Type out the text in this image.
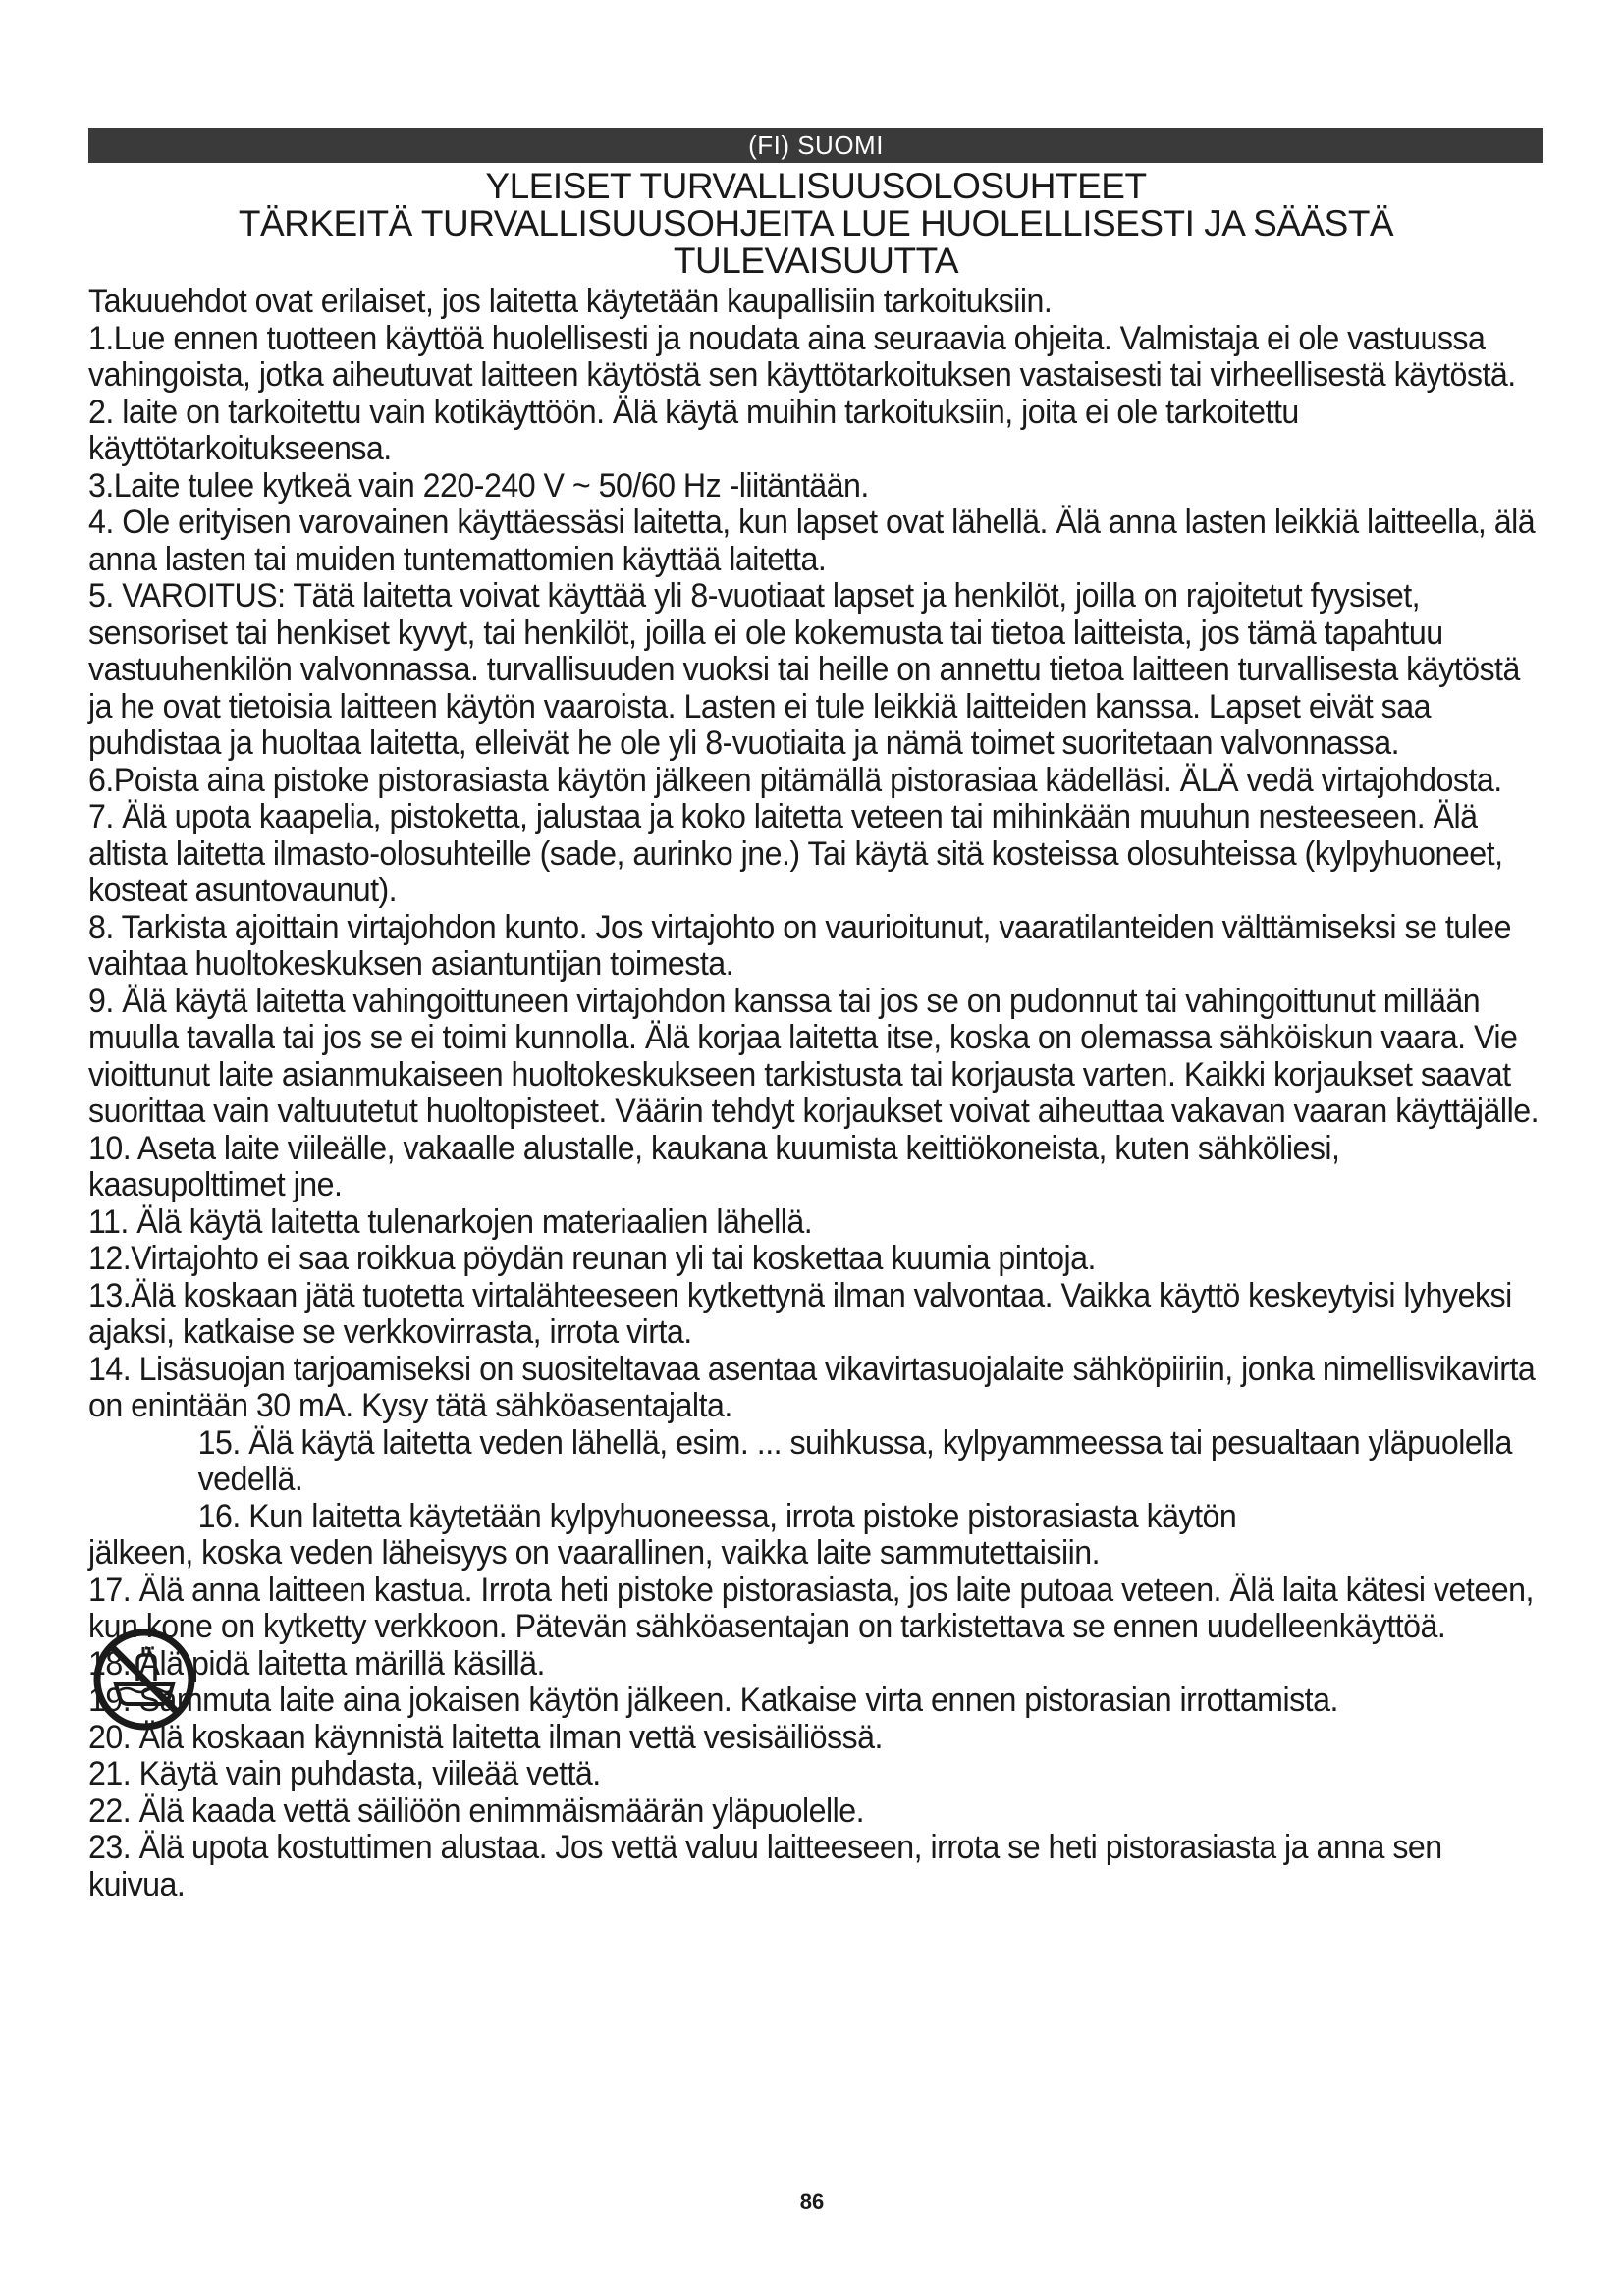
(FI) SUOMI
YLEISET TURVALLISUUSOLOSUHTEET
TÄRKEITÄ TURVALLISUUSOHJEITA LUE HUOLELLISESTI JA SÄÄSTÄ
TULEVAISUUTTA

Takuuehdot ovat erilaiset, jos laitetta käytetään kaupallisiin tarkoituksiin.

1.Lue ennen tuotteen käyttöä huolellisesti ja noudata aina seuraavia ohjeita. Valmistaja ei ole vastuussa vahingoista, jotka aiheutuvat laitteen käytöstä sen käyttötarkoituksen vastaisesti tai virheellisestä käytöstä.

2. laite on tarkoitettu vain kotikäyttöön. Älä käytä muihin tarkoituksiin, joita ei ole tarkoitettu käyttötarkoitukseensa.

3.Laite tulee kytkeä vain 220-240 V ~ 50/60 Hz -liitäntään.

4. Ole erityisen varovainen käyttäessäsi laitetta, kun lapset ovat lähellä. Älä anna lasten leikkiä laitteella, älä anna lasten tai muiden tuntemattomien käyttää laitetta.

5. VAROITUS: Tätä laitetta voivat käyttää yli 8-vuotiaat lapset ja henkilöt, joilla on rajoitetut fyysiset, sensoriset tai henkiset kyvyt, tai henkilöt, joilla ei ole kokemusta tai tietoa laitteista, jos tämä tapahtuu vastuuhenkilön valvonnassa. turvallisuuden vuoksi tai heille on annettu tietoa laitteen turvallisesta käytöstä ja he ovat tietoisia laitteen käytön vaaroista. Lasten ei tule leikkiä laitteiden kanssa. Lapset eivät saa puhdistaa ja huoltaa laitetta, elleivät he ole yli 8-vuotiaita ja nämä toimet suoritetaan valvonnassa.

6.Poista aina pistoke pistorasiasta käytön jälkeen pitämällä pistorasiaa kädelläsi. ÄLÄ vedä virtajohdosta.

7. Älä upota kaapelia, pistoketta, jalustaa ja koko laitetta veteen tai mihinkään muuhun nesteeseen. Älä altista laitetta ilmasto-olosuhteille (sade, aurinko jne.) Tai käytä sitä kosteissa olosuhteissa (kylpyhuoneet, kosteat asuntovaunut).

8. Tarkista ajoittain virtajohdon kunto. Jos virtajohto on vaurioitunut, vaaratilanteiden välttämiseksi se tulee vaihtaa huoltokeskuksen asiantuntijan toimesta.

9. Älä käytä laitetta vahingoittuneen virtajohdon kanssa tai jos se on pudonnut tai vahingoittunut millään muulla tavalla tai jos se ei toimi kunnolla. Älä korjaa laitetta itse, koska on olemassa sähköiskun vaara. Vie vioittunut laite asianmukaiseen huoltokeskukseen tarkistusta tai korjausta varten. Kaikki korjaukset saavat suorittaa vain valtuutetut huoltopisteet. Väärin tehdyt korjaukset voivat aiheuttaa vakavan vaaran käyttäjälle.

10. Aseta laite viileälle, vakaalle alustalle, kaukana kuumista keittiökoneista, kuten sähköliesi, kaasupolttimet jne.

11. Älä käytä laitetta tulenarkojen materiaalien lähellä.

12.Virtajohto ei saa roikkua pöydän reunan yli tai koskettaa kuumia pintoja.

13.Älä koskaan jätä tuotetta virtalähteeseen kytkettynä ilman valvontaa. Vaikka käyttö keskeytyisi lyhyeksi ajaksi, katkaise se verkkovirrasta, irrota virta.

14. Lisäsuojan tarjoamiseksi on suositeltavaa asentaa vikavirtasuojalaite sähköpiiriin, jonka nimellisvikavirta on enintään 30 mA. Kysy tätä sähköasentajalta.

15. Älä käytä laitetta veden lähellä, esim. ... suihkussa, kylpyammeessa tai pesualtaan yläpuolella vedellä.

16. Kun laitetta käytetään kylpyhuoneessa, irrota pistoke pistorasiasta käytön

jälkeen, koska veden läheisyys on vaarallinen, vaikka laite sammutettaisiin.

17. Älä anna laitteen kastua. Irrota heti pistoke pistorasiasta, jos laite putoaa veteen. Älä laita kätesi veteen, kun kone on kytketty verkkoon. Pätevän sähköasentajan on tarkistettava se ennen uudelleenkäyttöä.

18. Älä pidä laitetta märillä käsillä.

19. Sammuta laite aina jokaisen käytön jälkeen. Katkaise virta ennen pistorasian irrottamista.

20. Älä koskaan käynnistä laitetta ilman vettä vesisäiliössä.

21. Käytä vain puhdasta, viileää vettä.

22. Älä kaada vettä säiliöön enimmäismäärän yläpuolelle.

23. Älä upota kostuttimen alustaa. Jos vettä valuu laitteeseen, irrota se heti pistorasiasta ja anna sen kuivua.

86
